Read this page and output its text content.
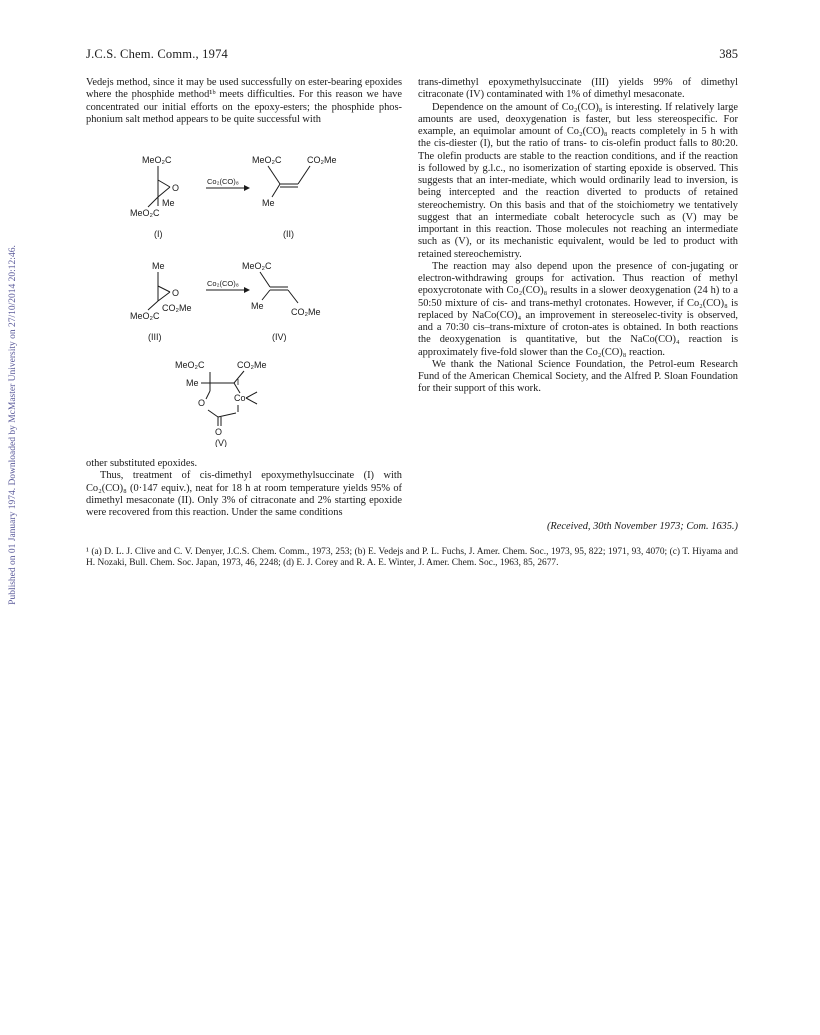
J.C.S. Chem. Comm., 1974	385
Published on 01 January 1974. Downloaded by McMaster University on 27/10/2014 20:12:46.

Vedejs method, since it may be used successfully on ester-bearing epoxides where the phosphide method¹ᵇ meets difficulties. For this reason we have concentrated our initial efforts on the epoxy-esters; the phosphide phos-phonium salt method appears to be quite successful with

MeO₂C
O
Me
MeO₂C
(I)
Co₂(CO)₈
MeO₂C	CO₂Me
Me
(II)
Me
O
CO₂Me
MeO₂C
(III)
Co₂(CO)₈
MeO₂C
Me
CO₂Me
(IV)
MeO₂C	CO₂Me
Me
O	Co
O
(V)

other substituted epoxides.

Thus, treatment of cis-dimethyl epoxymethylsuccinate (I) with Co₂(CO)₈ (0·147 equiv.), neat for 18 h at room temperature yields 95% of dimethyl mesaconate (II). Only 3% of citraconate and 2% starting epoxide were recovered from this reaction. Under the same conditions

trans-dimethyl epoxymethylsuccinate (III) yields 99% of dimethyl citraconate (IV) contaminated with 1% of dimethyl mesaconate.

Dependence on the amount of Co₂(CO)₈ is interesting. If relatively large amounts are used, deoxygenation is faster, but less stereospecific. For example, an equimolar amount of Co₂(CO)₈ reacts completely in 5 h with the cis-diester (I), but the ratio of trans- to cis-olefin product falls to 80:20. The olefin products are stable to the reaction conditions, and if the reaction is followed by g.l.c., no isomerization of starting epoxide is observed. This suggests that an inter-mediate, which would ordinarily lead to inversion, is being intercepted and the reaction diverted to products of retained stereochemistry. On this basis and that of the stoichiometry we tentatively suggest that an intermediate cobalt heterocycle such as (V) may be important in this reaction. Those molecules not reaching an intermediate such as (V), or its mechanistic equivalent, would be led to product with retained stereochemistry.

The reaction may also depend upon the presence of con-jugating or electron-withdrawing groups for activation. Thus reaction of methyl epoxycrotonate with Co₂(CO)₈ results in a slower deoxygenation (24 h) to a 50:50 mixture of cis- and trans-methyl crotonates. However, if Co₂(CO)₈ is replaced by NaCo(CO)₄ an improvement in stereoselec-tivity is observed, and a 70:30 cis–trans-mixture of croton-ates is obtained. In both reactions the deoxygenation is quantitative, but the NaCo(CO)₄ reaction is approximately five-fold slower than the Co₂(CO)₈ reaction.

We thank the National Science Foundation, the Petrol-eum Research Fund of the American Chemical Society, and the Alfred P. Sloan Foundation for their support of this work.

(Received, 30th November 1973; Com. 1635.)

¹ (a) D. L. J. Clive and C. V. Denyer, J.C.S. Chem. Comm., 1973, 253; (b) E. Vedejs and P. L. Fuchs, J. Amer. Chem. Soc., 1973, 95, 822; 1971, 93, 4070; (c) T. Hiyama and H. Nozaki, Bull. Chem. Soc. Japan, 1973, 46, 2248; (d) E. J. Corey and R. A. E. Winter, J. Amer. Chem. Soc., 1963, 85, 2677.
